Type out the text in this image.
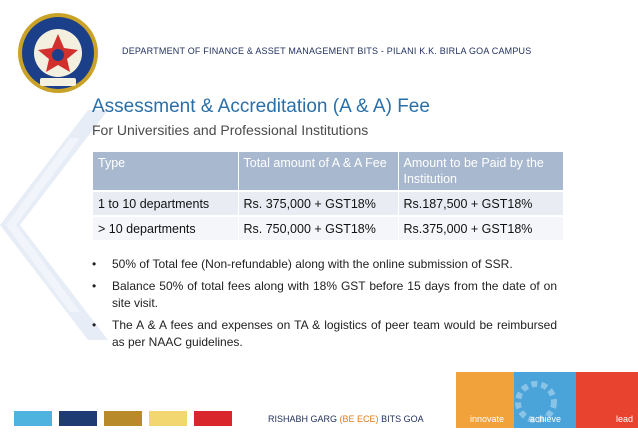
DEPARTMENT OF FINANCE & ASSET MANAGEMENT BITS - PILANI K.K. BIRLA GOA CAMPUS
Assessment & Accreditation (A & A) Fee
For Universities and Professional Institutions
Type	Total amount of A & A Fee	Amount to be Paid by the Institution
1 to 10 departments	Rs. 375,000 + GST18%	Rs.187,500 + GST18%
> 10 departments	Rs. 750,000 + GST18%	Rs.375,000 + GST18%
• 50% of Total fee (Non-refundable) along with the online submission of SSR.
• Balance 50% of total fees along with 18% GST before 15 days from the date of on site visit.
• The A & A fees and expenses on TA & logistics of peer team would be reimbursed as per NAAC guidelines.
RISHABH GARG (BE ECE) BITS GOA	innovate	achieve	lead
